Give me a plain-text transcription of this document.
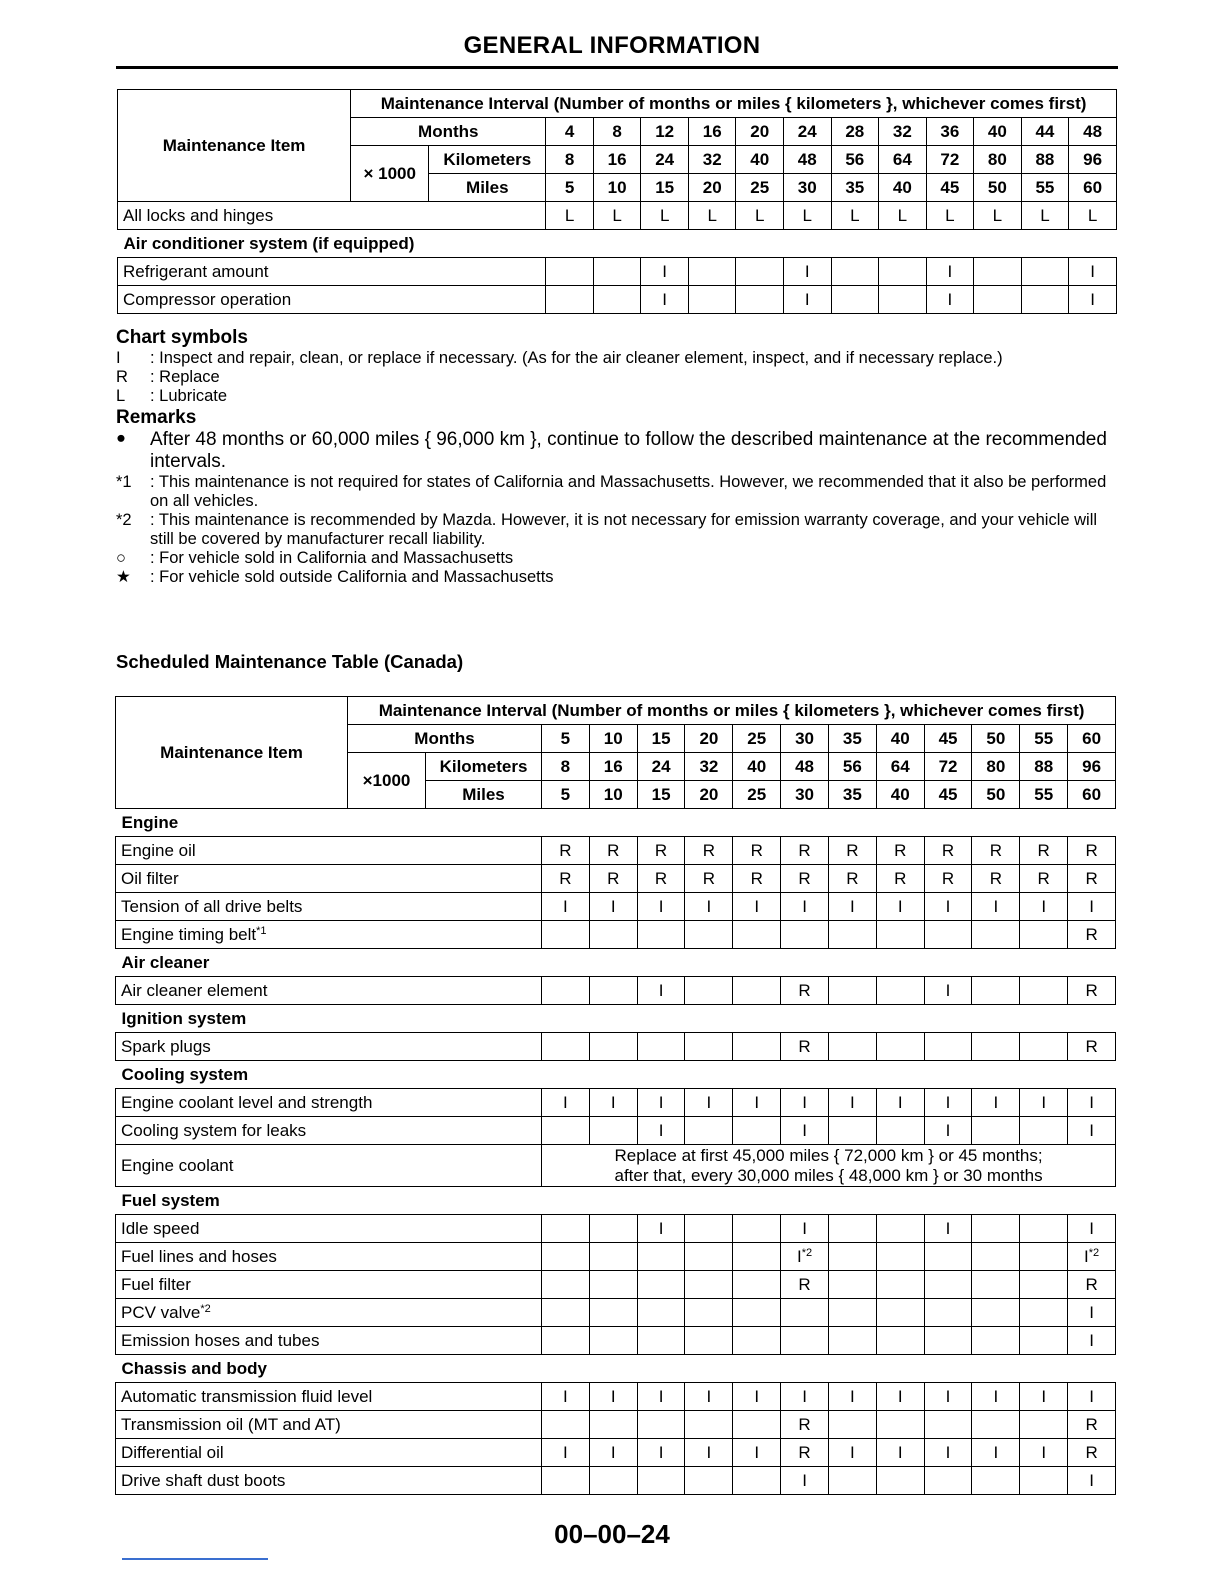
GENERAL INFORMATION
Maintenance Item	Maintenance Interval (Number of months or miles { kilometers }, whichever comes first)													
	Months		4	8	12	16	20	24	28	32	36	40	44	48
	× 1000	Kilometers	8	16	24	32	40	48	56	64	72	80	88	96
		Miles	5	10	15	20	25	30	35	40	45	50	55	60
All locks and hinges			L	L	L	L	L	L	L	L	L	L	L	L
Air conditioner system (if equipped)														
Refrigerant amount					I			I			I			I
Compressor operation					I			I			I			I
Chart symbols
I	: Inspect and repair, clean, or replace if necessary. (As for the air cleaner element, inspect, and if necessary replace.)
R	: Replace
L	: Lubricate
Remarks
●	After 48 months or 60,000 miles { 96,000 km }, continue to follow the described maintenance at the recommended intervals.
*1	: This maintenance is not required for states of California and Massachusetts. However, we recommended that it also be performed on all vehicles.
*2	: This maintenance is recommended by Mazda. However, it is not necessary for emission warranty coverage, and your vehicle will still be covered by manufacturer recall liability.
○	: For vehicle sold in California and Massachusetts
★	: For vehicle sold outside California and Massachusetts
Scheduled Maintenance Table (Canada)
Maintenance Item	Maintenance Interval (Number of months or miles { kilometers }, whichever comes first)													
	Months		5	10	15	20	25	30	35	40	45	50	55	60
	×1000	Kilometers	8	16	24	32	40	48	56	64	72	80	88	96
		Miles	5	10	15	20	25	30	35	40	45	50	55	60
Engine														
Engine oil			R	R	R	R	R	R	R	R	R	R	R	R
Oil filter			R	R	R	R	R	R	R	R	R	R	R	R
Tension of all drive belts			I	I	I	I	I	I	I	I	I	I	I	I
Engine timing belt$^{*1}$														R
Air cleaner														
Air cleaner element					I			R			I			R
Ignition system														
Spark plugs								R						R
Cooling system														
Engine coolant level and strength			I	I	I	I	I	I	I	I	I	I	I	I
Cooling system for leaks					I			I			I			I
Engine coolant			Replace at first 45,000 miles { 72,000 km } or 45 months;
after that, every 30,000 miles { 48,000 km } or 30 months											

Fuel system														
Idle speed					I			I			I			I
Fuel lines and hoses								$I^{*2}$						$I^{*2}$
Fuel filter								R						R
PCV valve$^{*2}$														I
Emission hoses and tubes														I
Chassis and body														
Automatic transmission fluid level			I	I	I	I	I	I	I	I	I	I	I	I
Transmission oil (MT and AT)								R						R
Differential oil			I	I	I	I	I	R	I	I	I	I	I	R
Drive shaft dust boots								I						I
00–00–24
